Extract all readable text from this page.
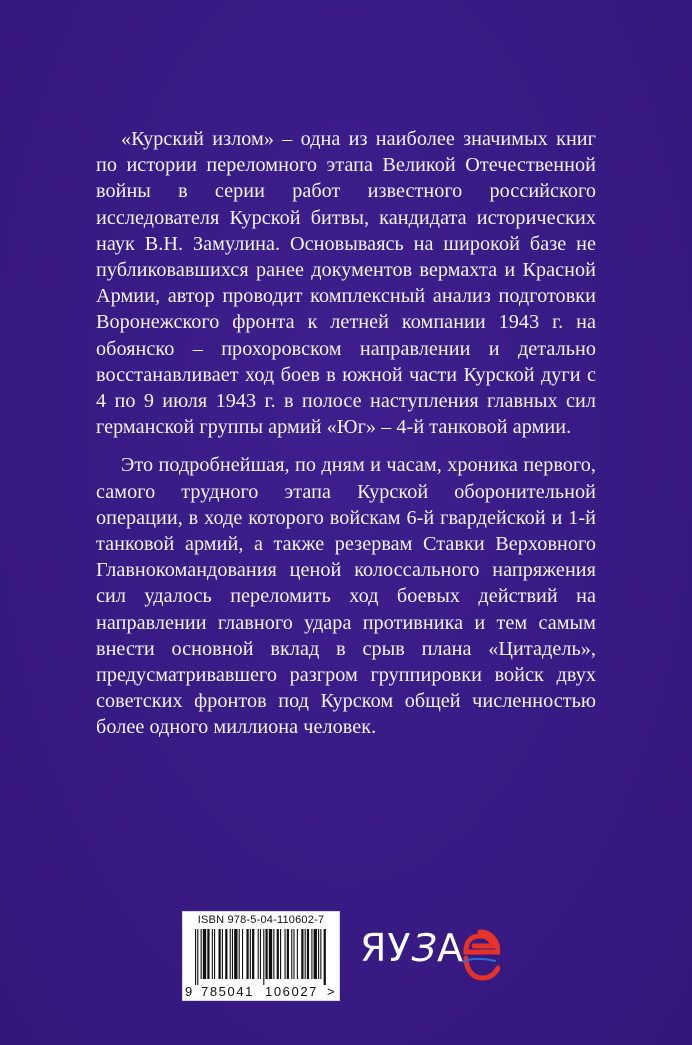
«Курский излом» – одна из наиболее значимых книг по истории переломного этапа Великой Отечественной войны в серии работ известного российского исследователя Курской битвы, кандидата исторических наук В.Н. Замулина. Основываясь на широкой базе не публиковавшихся ранее документов вермахта и Красной Армии, автор проводит комплексный анализ подготовки Воронежского фронта к летней компании 1943 г. на обоянско – прохоровском направлении и детально восстанавливает ход боев в южной части Курской дуги с 4 по 9 июля 1943 г. в полосе наступления главных сил германской группы армий «Юг» – 4-й танковой армии.

Это подробнейшая, по дням и часам, хроника первого, самого трудного этапа Курской оборонительной операции, в ходе которого войскам 6-й гвардейской и 1-й танковой армий, а также резервам Ставки Верховного Главнокомандования ценой колоссального напряжения сил удалось переломить ход боевых действий на направлении главного удара противника и тем самым внести основной вклад в срыв плана «Цитадель», предусматривавшего разгром группировки войск двух советских фронтов под Курском общей численностью более одного миллиона человек.

ISBN 978-5-04-110602-7
9 785041 106027 >
ЯУЗА
